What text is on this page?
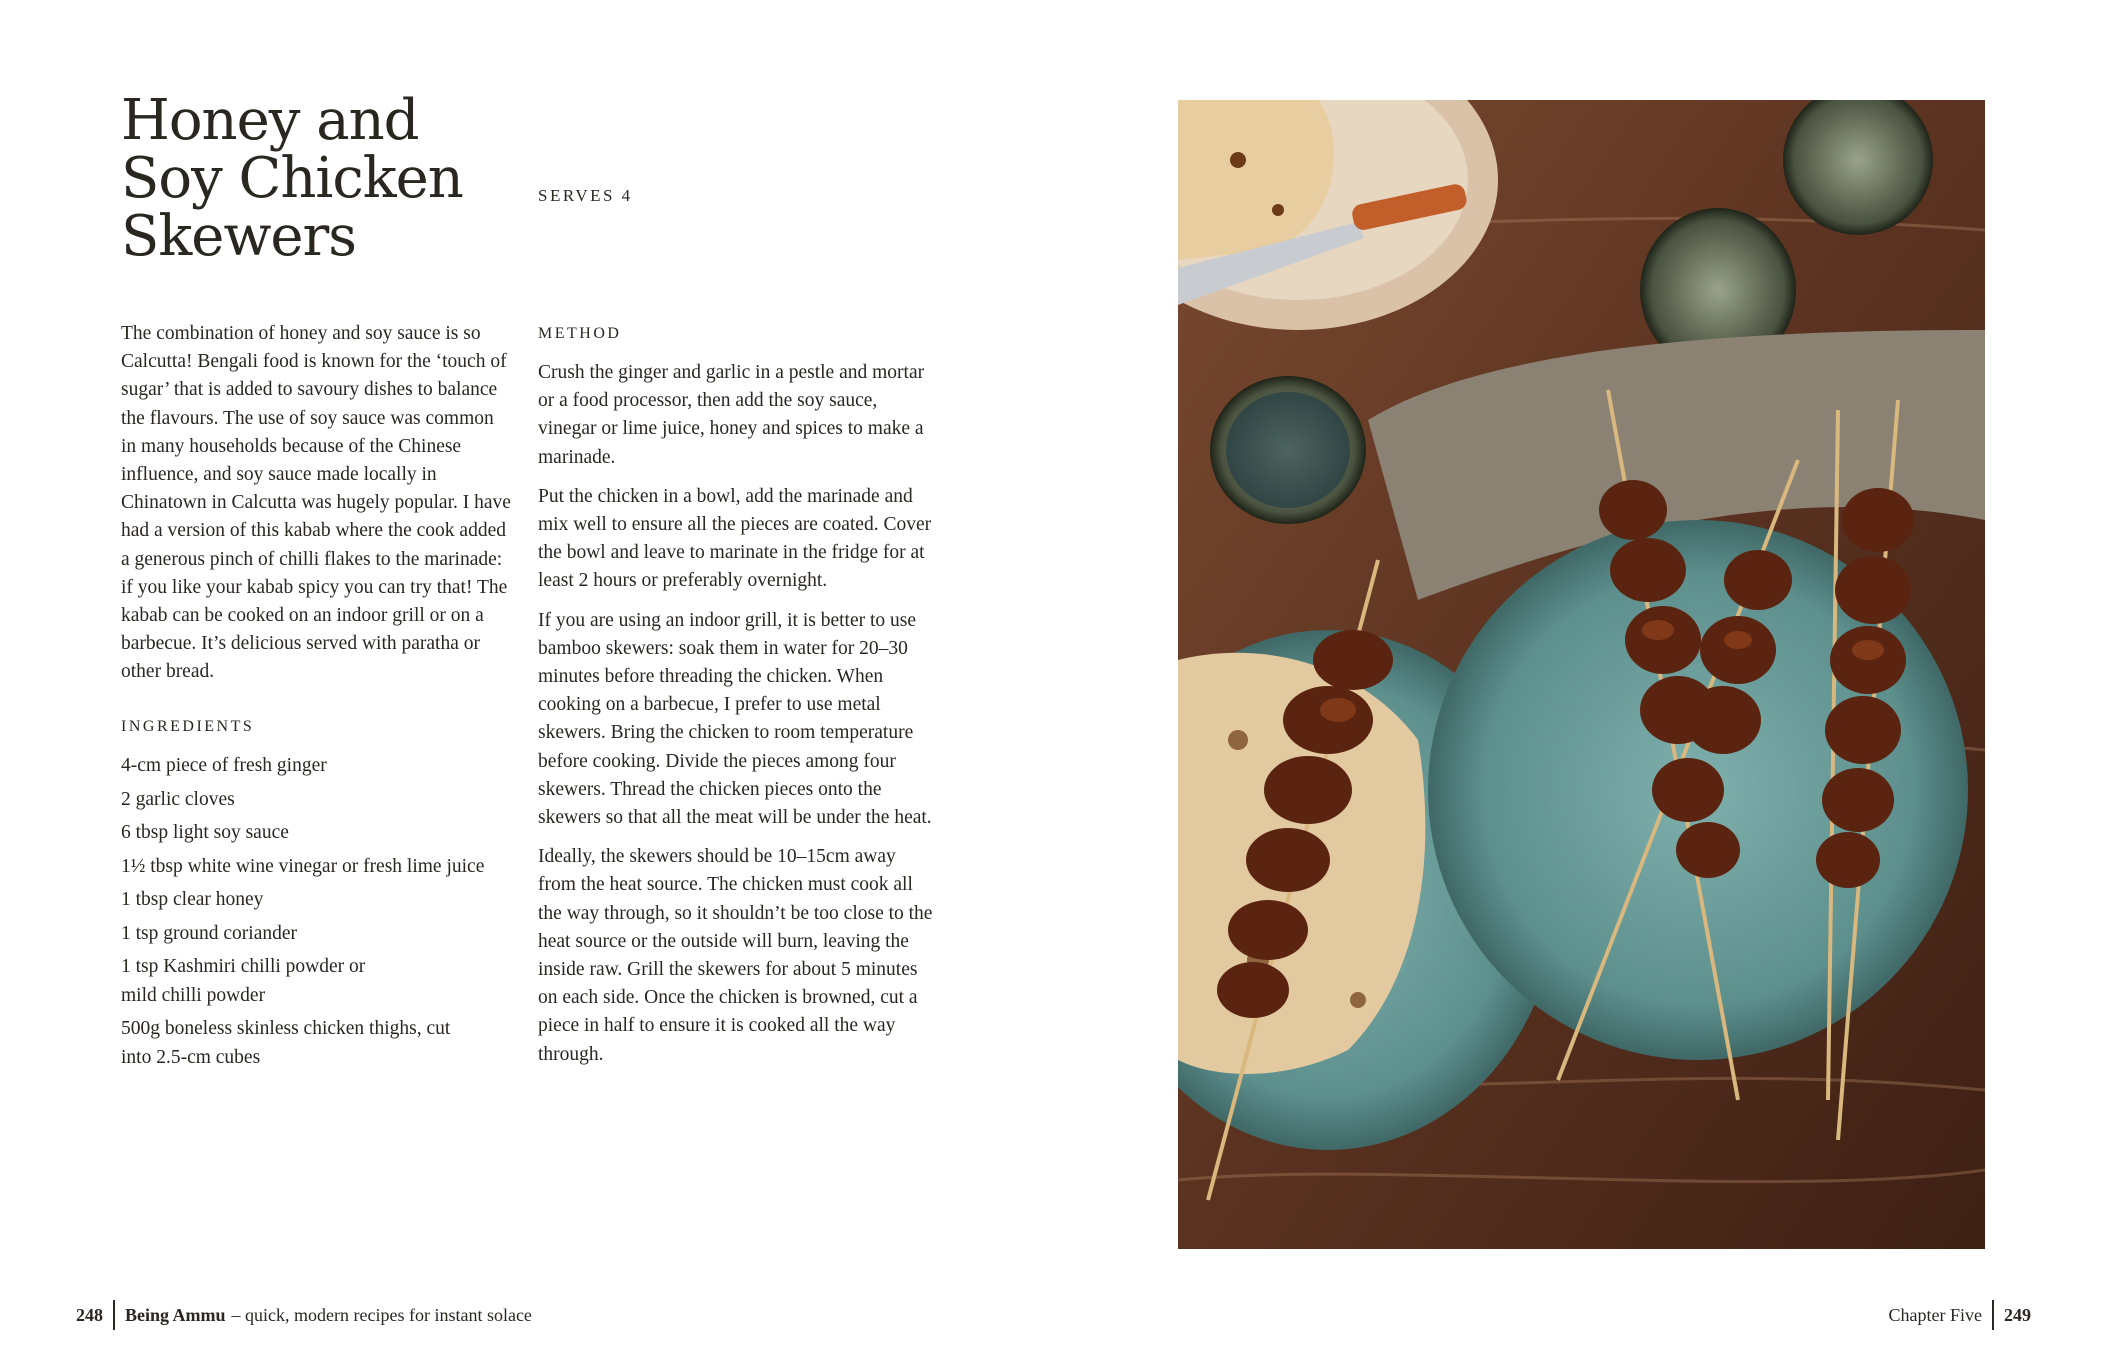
Honey and
Soy Chicken
Skewers
SERVES 4

The combination of honey and soy sauce is so Calcutta! Bengali food is known for the ‘touch of sugar’ that is added to savoury dishes to balance the flavours. The use of soy sauce was common in many households because of the Chinese influence, and soy sauce made locally in Chinatown in Calcutta was hugely popular. I have had a version of this kabab where the cook added a generous pinch of chilli flakes to the marinade: if you like your kabab spicy you can try that! The kabab can be cooked on an indoor grill or on a barbecue. It’s delicious served with paratha or other bread.

INGREDIENTS
4-cm piece of fresh ginger
2 garlic cloves
6 tbsp light soy sauce
1½ tbsp white wine vinegar or fresh lime juice
1 tbsp clear honey
1 tsp ground coriander
1 tsp Kashmiri chilli powder or mild chilli powder
500g boneless skinless chicken thighs, cut into 2.5-cm cubes
METHOD

Crush the ginger and garlic in a pestle and mortar or a food processor, then add the soy sauce, vinegar or lime juice, honey and spices to make a marinade.

Put the chicken in a bowl, add the marinade and mix well to ensure all the pieces are coated. Cover the bowl and leave to marinate in the fridge for at least 2 hours or preferably overnight.

If you are using an indoor grill, it is better to use bamboo skewers: soak them in water for 20–30 minutes before threading the chicken. When cooking on a barbecue, I prefer to use metal skewers. Bring the chicken to room temperature before cooking. Divide the pieces among four skewers. Thread the chicken pieces onto the skewers so that all the meat will be under the heat.

Ideally, the skewers should be 10–15cm away from the heat source. The chicken must cook all the way through, so it shouldn’t be too close to the heat source or the outside will burn, leaving the inside raw. Grill the skewers for about 5 minutes on each side. Once the chicken is browned, cut a piece in half to ensure it is cooked all the way through.

248 Being Ammu – quick, modern recipes for instant solace	Chapter Five 249
